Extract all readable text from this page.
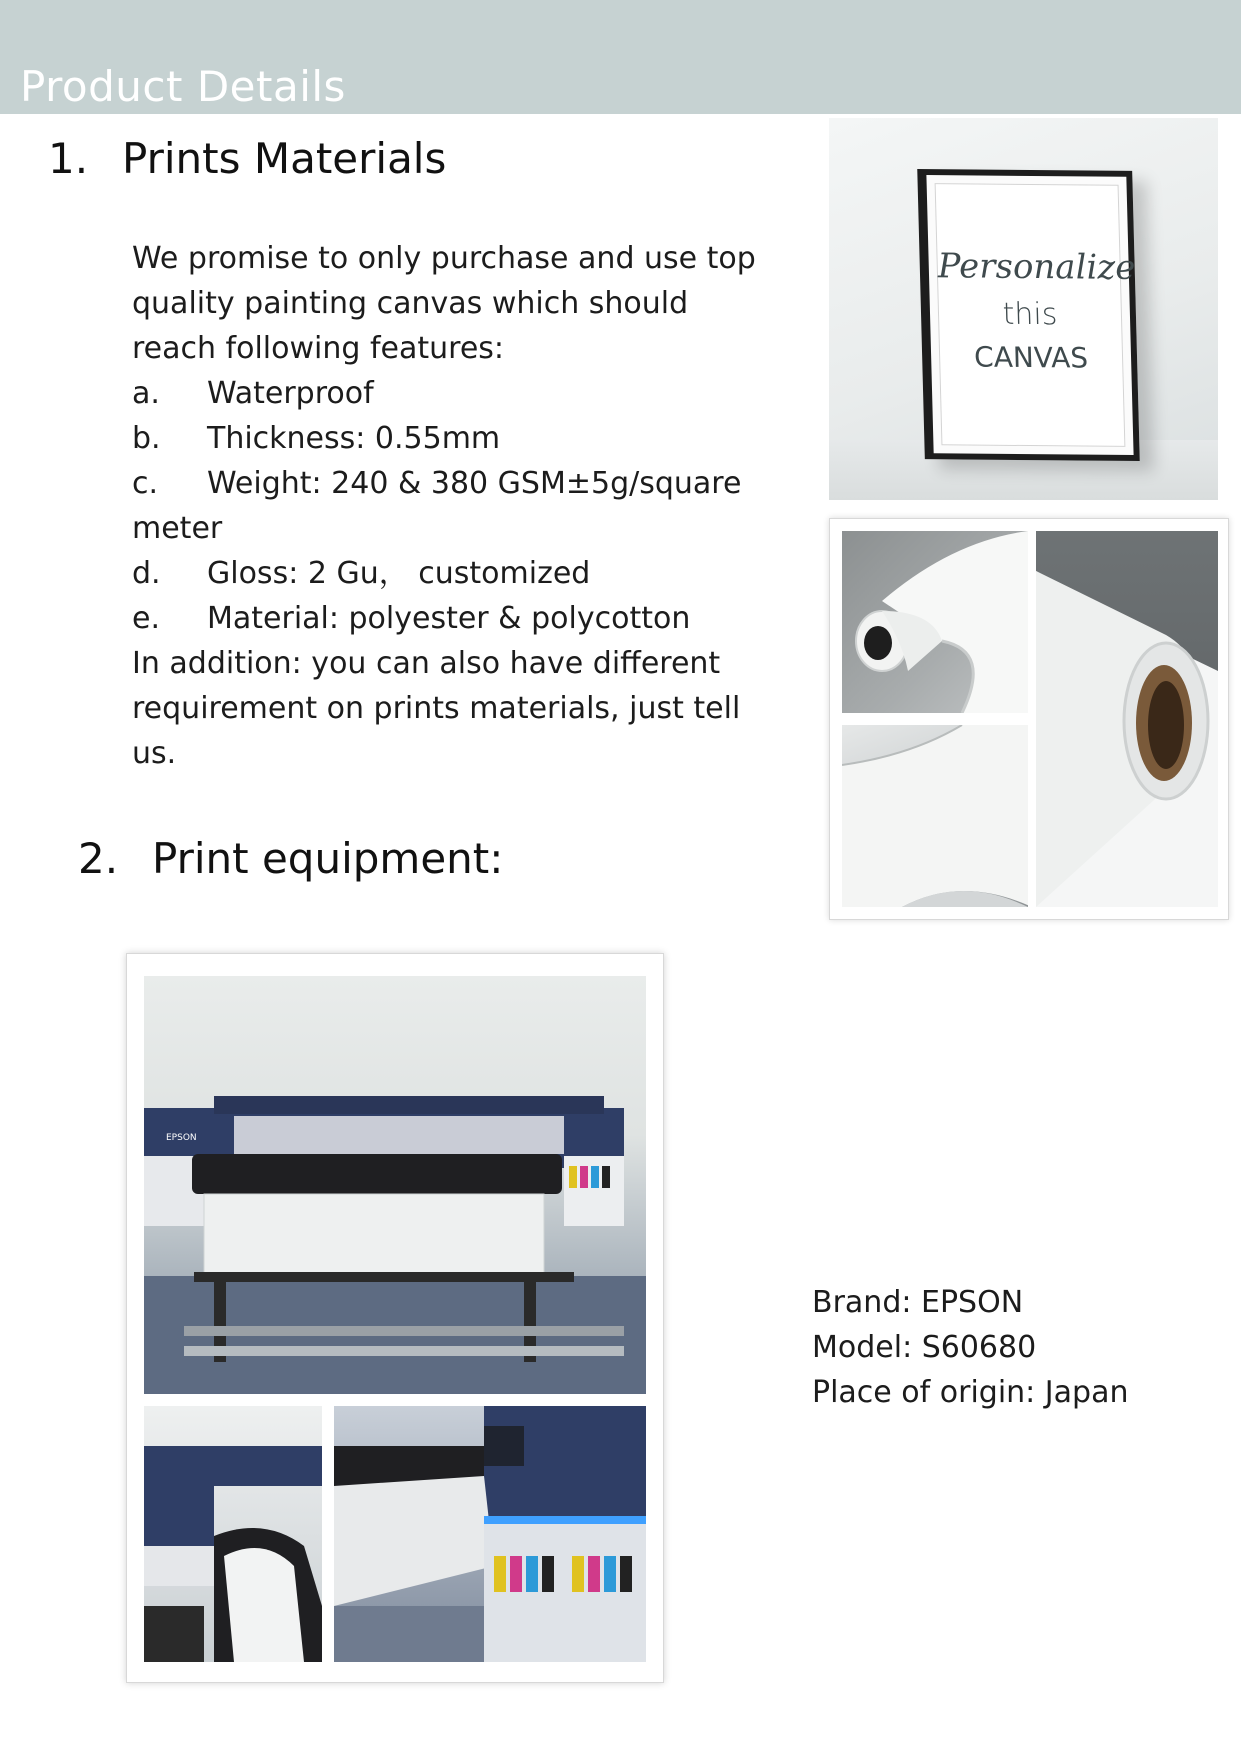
Product Details
1. Prints Materials
We promise to only purchase and use top
quality painting canvas which should
reach following features:
a. Waterproof
b. Thickness: 0.55mm
c. Weight: 240 & 380 GSM±5g/square
meter
d. Gloss: 2 Gu， customized
e. Material: polyester & polycotton
In addition: you can also have different
requirement on prints materials, just tell
us.
Personalize
this
CANVAS
2. Print equipment:
EPSON
Brand: EPSON
Model: S60680
Place of origin: Japan
